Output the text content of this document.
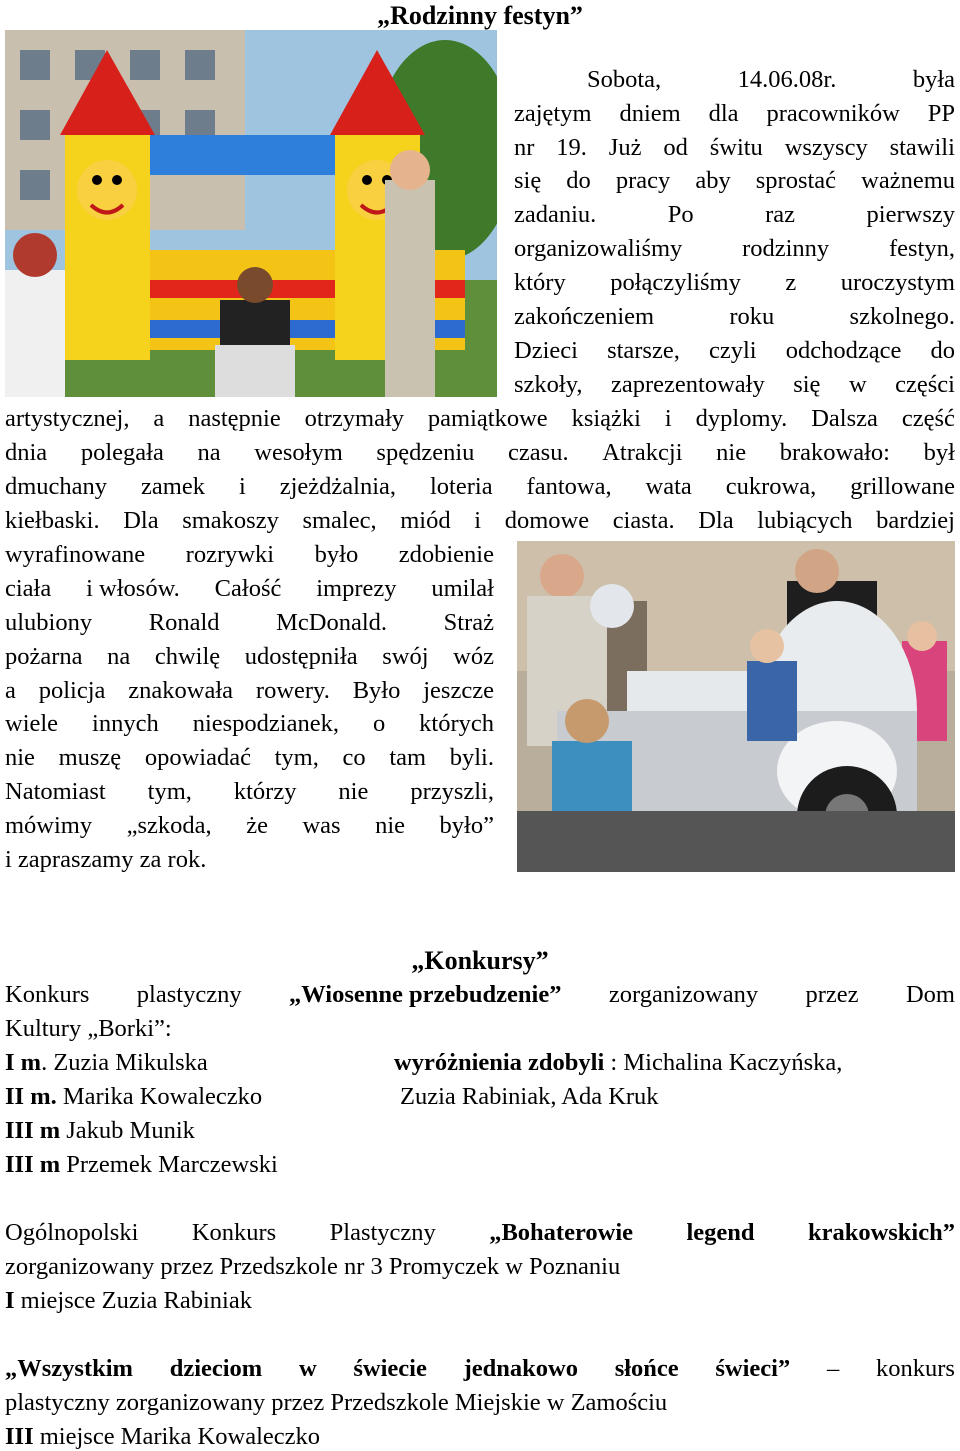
„Rodzinny festyn”
Sobota,	14.06.08r.	była
zajętym dniem dla pracowników PP
nr 19. Już od świtu wszyscy stawili
się do pracy aby sprostać ważnemu
zadaniu.	Po	raz	pierwszy
organizowaliśmy rodzinny festyn,
który połączyliśmy z uroczystym
zakończeniem	roku	szkolnego.
Dzieci starsze, czyli odchodzące do
szkoły, zaprezentowały się w części
artystycznej, a następnie otrzymały pamiątkowe książki i dyplomy. Dalsza część
dnia polegała na wesołym spędzeniu czasu. Atrakcji nie brakowało: był
dmuchany zamek i zjeżdżalnia, loteria fantowa, wata cukrowa, grillowane
kiełbaski. Dla smakoszy smalec, miód i domowe ciasta. Dla lubiących bardziej
wyrafinowane rozrywki było zdobienie
ciała i włosów. Całość imprezy umilał
ulubiony Ronald McDonald. Straż
pożarna na chwilę udostępniła swój wóz
a policja znakowała rowery. Było jeszcze
wiele innych niespodzianek, o których
nie muszę opowiadać tym, co tam byli.
Natomiast tym, którzy nie przyszli,
mówimy „szkoda, że was nie było”
i zapraszamy za rok.
„Konkursy”
Konkurs plastyczny „Wiosenne przebudzenie” zorganizowany przez Dom
Kultury „Borki”:
I m. Zuzia Mikulska
II m. Marika Kowaleczko
III m Jakub Munik
III m Przemek Marczewski
wyróżnienia zdobyli : Michalina Kaczyńska,
Zuzia Rabiniak, Ada Kruk
Ogólnopolski Konkurs Plastyczny „Bohaterowie legend krakowskich”
zorganizowany przez Przedszkole nr 3 Promyczek w Poznaniu
I miejsce Zuzia Rabiniak
„Wszystkim dzieciom w świecie jednakowo słońce świeci” – konkurs
plastyczny zorganizowany przez Przedszkole Miejskie w Zamościu
III miejsce Marika Kowaleczko
